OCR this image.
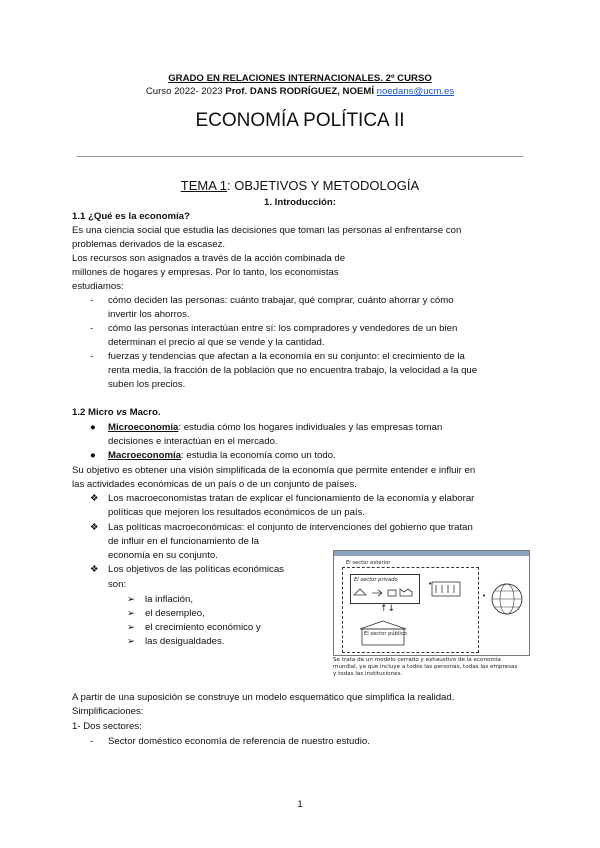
GRADO EN RELACIONES INTERNACIONALES. 2º CURSO
Curso 2022- 2023 Prof. DANS RODRÍGUEZ, NOEMÍ noedans@ucm.es
ECONOMÍA POLÍTICA II
TEMA 1: OBJETIVOS Y METODOLOGÍA
1. Introducción:
1.1 ¿Qué es la economía?
Es una ciencia social que estudia las decisiones que toman las personas al enfrentarse con
problemas derivados de la escasez.
Los recursos son asignados a través de la acción combinada de
millones de hogares y empresas. Por lo tanto, los economistas
estudiamos:
- cómo deciden las personas: cuánto trabajar, qué comprar, cuánto ahorrar y cómo
invertir los ahorros.
- cómo las personas interactúan entre sí: los compradores y vendedores de un bien
determinan el precio al que se vende y la cantidad.
- fuerzas y tendencias que afectan a la economía en su conjunto: el crecimiento de la
renta media, la fracción de la población que no encuentra trabajo, la velocidad a la que
suben los precios.
1.2 Micro vs Macro.
● Microeconomía: estudia cómo los hogares individuales y las empresas toman
decisiones e interactúan en el mercado.
● Macroeconomía: estudia la economía como un todo.
Su objetivo es obtener una visión simplificada de la economía que permite entender e influir en
las actividades económicas de un país o de un conjunto de países.
❖ Los macroeconomistas tratan de explicar el funcionamiento de la economía y elaborar
políticas que mejoren los resultados económicos de un país.
❖ Las políticas macroeconómicas: el conjunto de intervenciones del gobierno que tratan
de influir en el funcionamiento de la
economía en su conjunto.
❖ Los objetivos de las políticas económicas
son:
➢ la inflación,
➢ el desempleo,
➢ el crecimiento económico y
➢ las desigualdades.
El sector exterior
El sector privado	•
↑↓
El sector público
•
Se trata de un modelo cerrado y exhaustivo de la economía
mundial, ya que incluye a todos las personas, todas las empresas
y todas las instituciones.
A partir de una suposición se construye un modelo esquemático que simplifica la realidad.
Simplificaciones:
1- Dos sectores:
- Sector doméstico economía de referencia de nuestro estudio.
1
